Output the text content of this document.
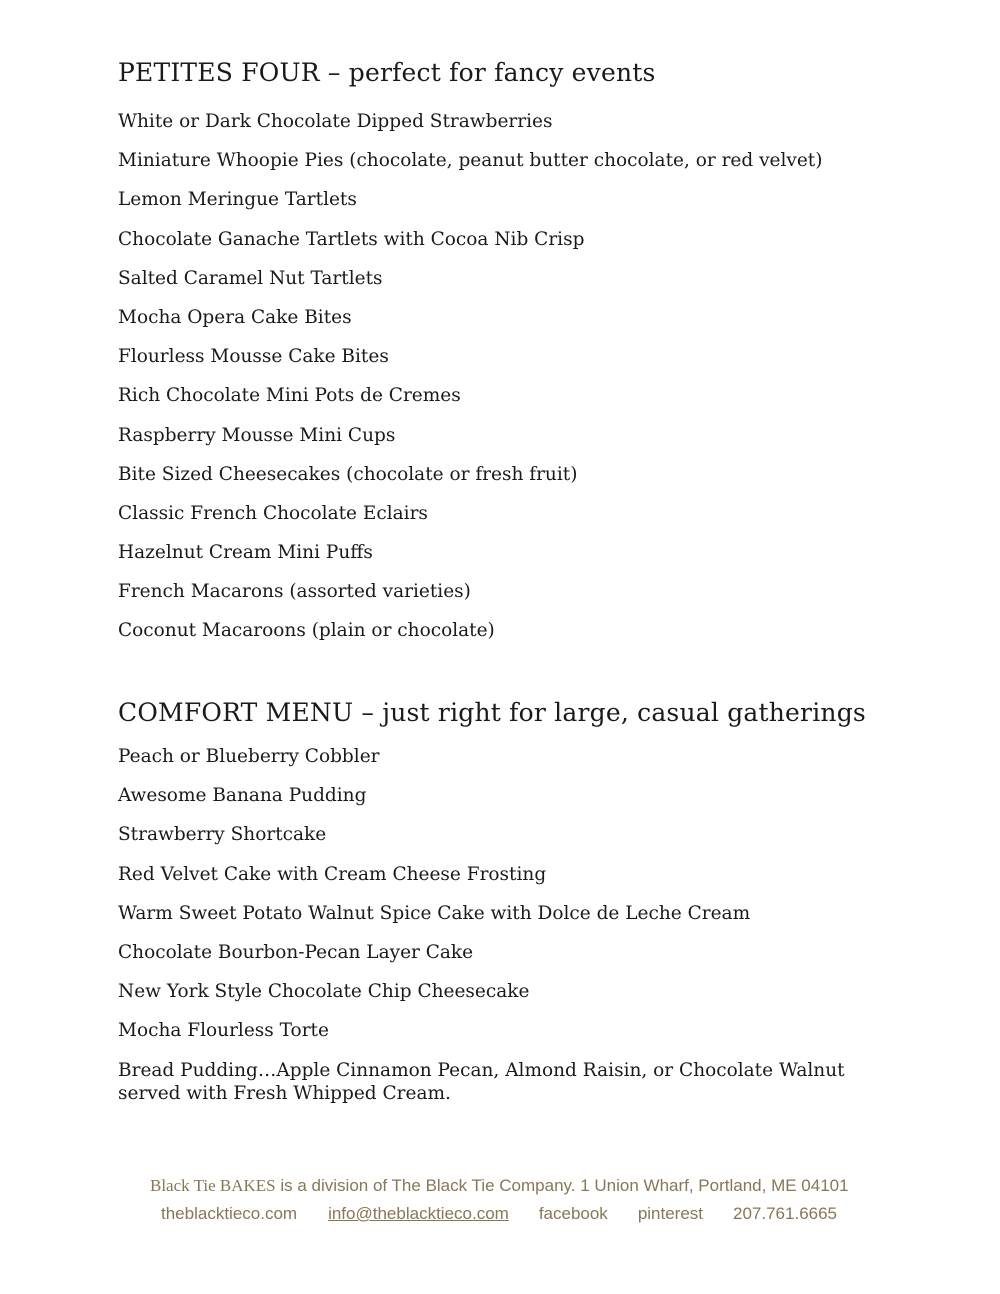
PETITES FOUR – perfect for fancy events
White or Dark Chocolate Dipped Strawberries
Miniature Whoopie Pies (chocolate, peanut butter chocolate, or red velvet)
Lemon Meringue Tartlets
Chocolate Ganache Tartlets with Cocoa Nib Crisp
Salted Caramel Nut Tartlets
Mocha Opera Cake Bites
Flourless Mousse Cake Bites
Rich Chocolate Mini Pots de Cremes
Raspberry Mousse Mini Cups
Bite Sized Cheesecakes (chocolate or fresh fruit)
Classic French Chocolate Eclairs
Hazelnut Cream Mini Puffs
French Macarons (assorted varieties)
Coconut Macaroons (plain or chocolate)
COMFORT MENU – just right for large, casual gatherings
Peach or Blueberry Cobbler
Awesome Banana Pudding
Strawberry Shortcake
Red Velvet Cake with Cream Cheese Frosting
Warm Sweet Potato Walnut Spice Cake with Dolce de Leche Cream
Chocolate Bourbon-Pecan Layer Cake
New York Style Chocolate Chip Cheesecake
Mocha Flourless Torte
Bread Pudding…Apple Cinnamon Pecan, Almond Raisin, or Chocolate Walnut served with Fresh Whipped Cream.
Black Tie BAKES is a division of The Black Tie Company. 1 Union Wharf, Portland, ME 04101
theblacktieco.com info@theblacktieco.com facebook pinterest 207.761.6665
